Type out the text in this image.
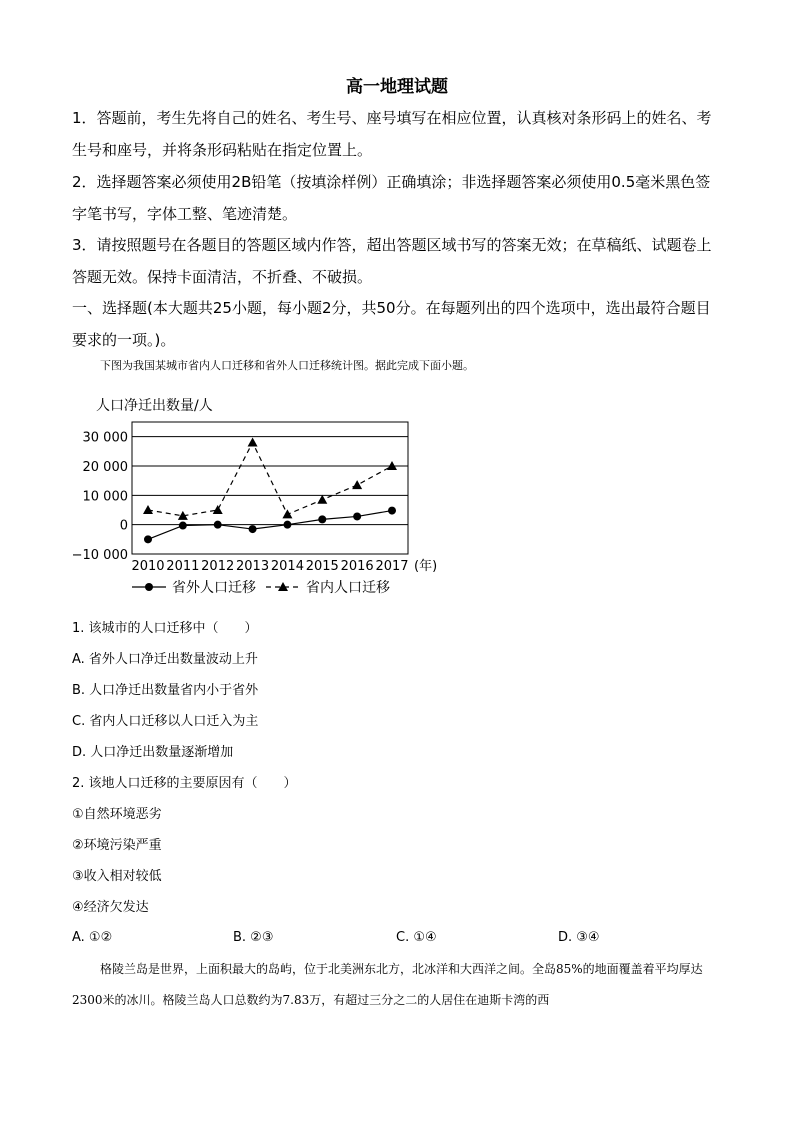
高一地理试题
1．答题前，考生先将自己的姓名、考生号、座号填写在相应位置，认真核对条形码上的姓名、考生号和座号，并将条形码粘贴在指定位置上。
2．选择题答案必须使用2B铅笔（按填涂样例）正确填涂；非选择题答案必须使用0.5毫米黑色签字笔书写，字体工整、笔迹清楚。
3．请按照题号在各题目的答题区域内作答，超出答题区域书写的答案无效；在草稿纸、试题卷上答题无效。保持卡面清洁，不折叠、不破损。
一、选择题(本大题共25小题，每小题2分，共50分。在每题列出的四个选项中，选出最符合题目要求的一项。)。
下图为我国某城市省内人口迁移和省外人口迁移统计图。据此完成下面小题。
人口净迁出数量/人
−10 000
0
10 000
20 000
30 000
2010 2011 2012 2013 2014 2015 2016 2017 (年)
省外人口迁移	省内人口迁移
1. 该城市的人口迁移中（　　）
A. 省外人口净迁出数量波动上升
B. 人口净迁出数量省内小于省外
C. 省内人口迁移以人口迁入为主
D. 人口净迁出数量逐渐增加
2. 该地人口迁移的主要原因有（　　）
①自然环境恶劣
②环境污染严重
③收入相对较低
④经济欠发达
A. ①②	B. ②③	C. ①④	D. ③④
格陵兰岛是世界，上面积最大的岛屿，位于北美洲东北方，北冰洋和大西洋之间。全岛85%的地面覆盖着平均厚达2300米的冰川。格陵兰岛人口总数约为7.83万，有超过三分之二的人居住在迪斯卡湾的西
